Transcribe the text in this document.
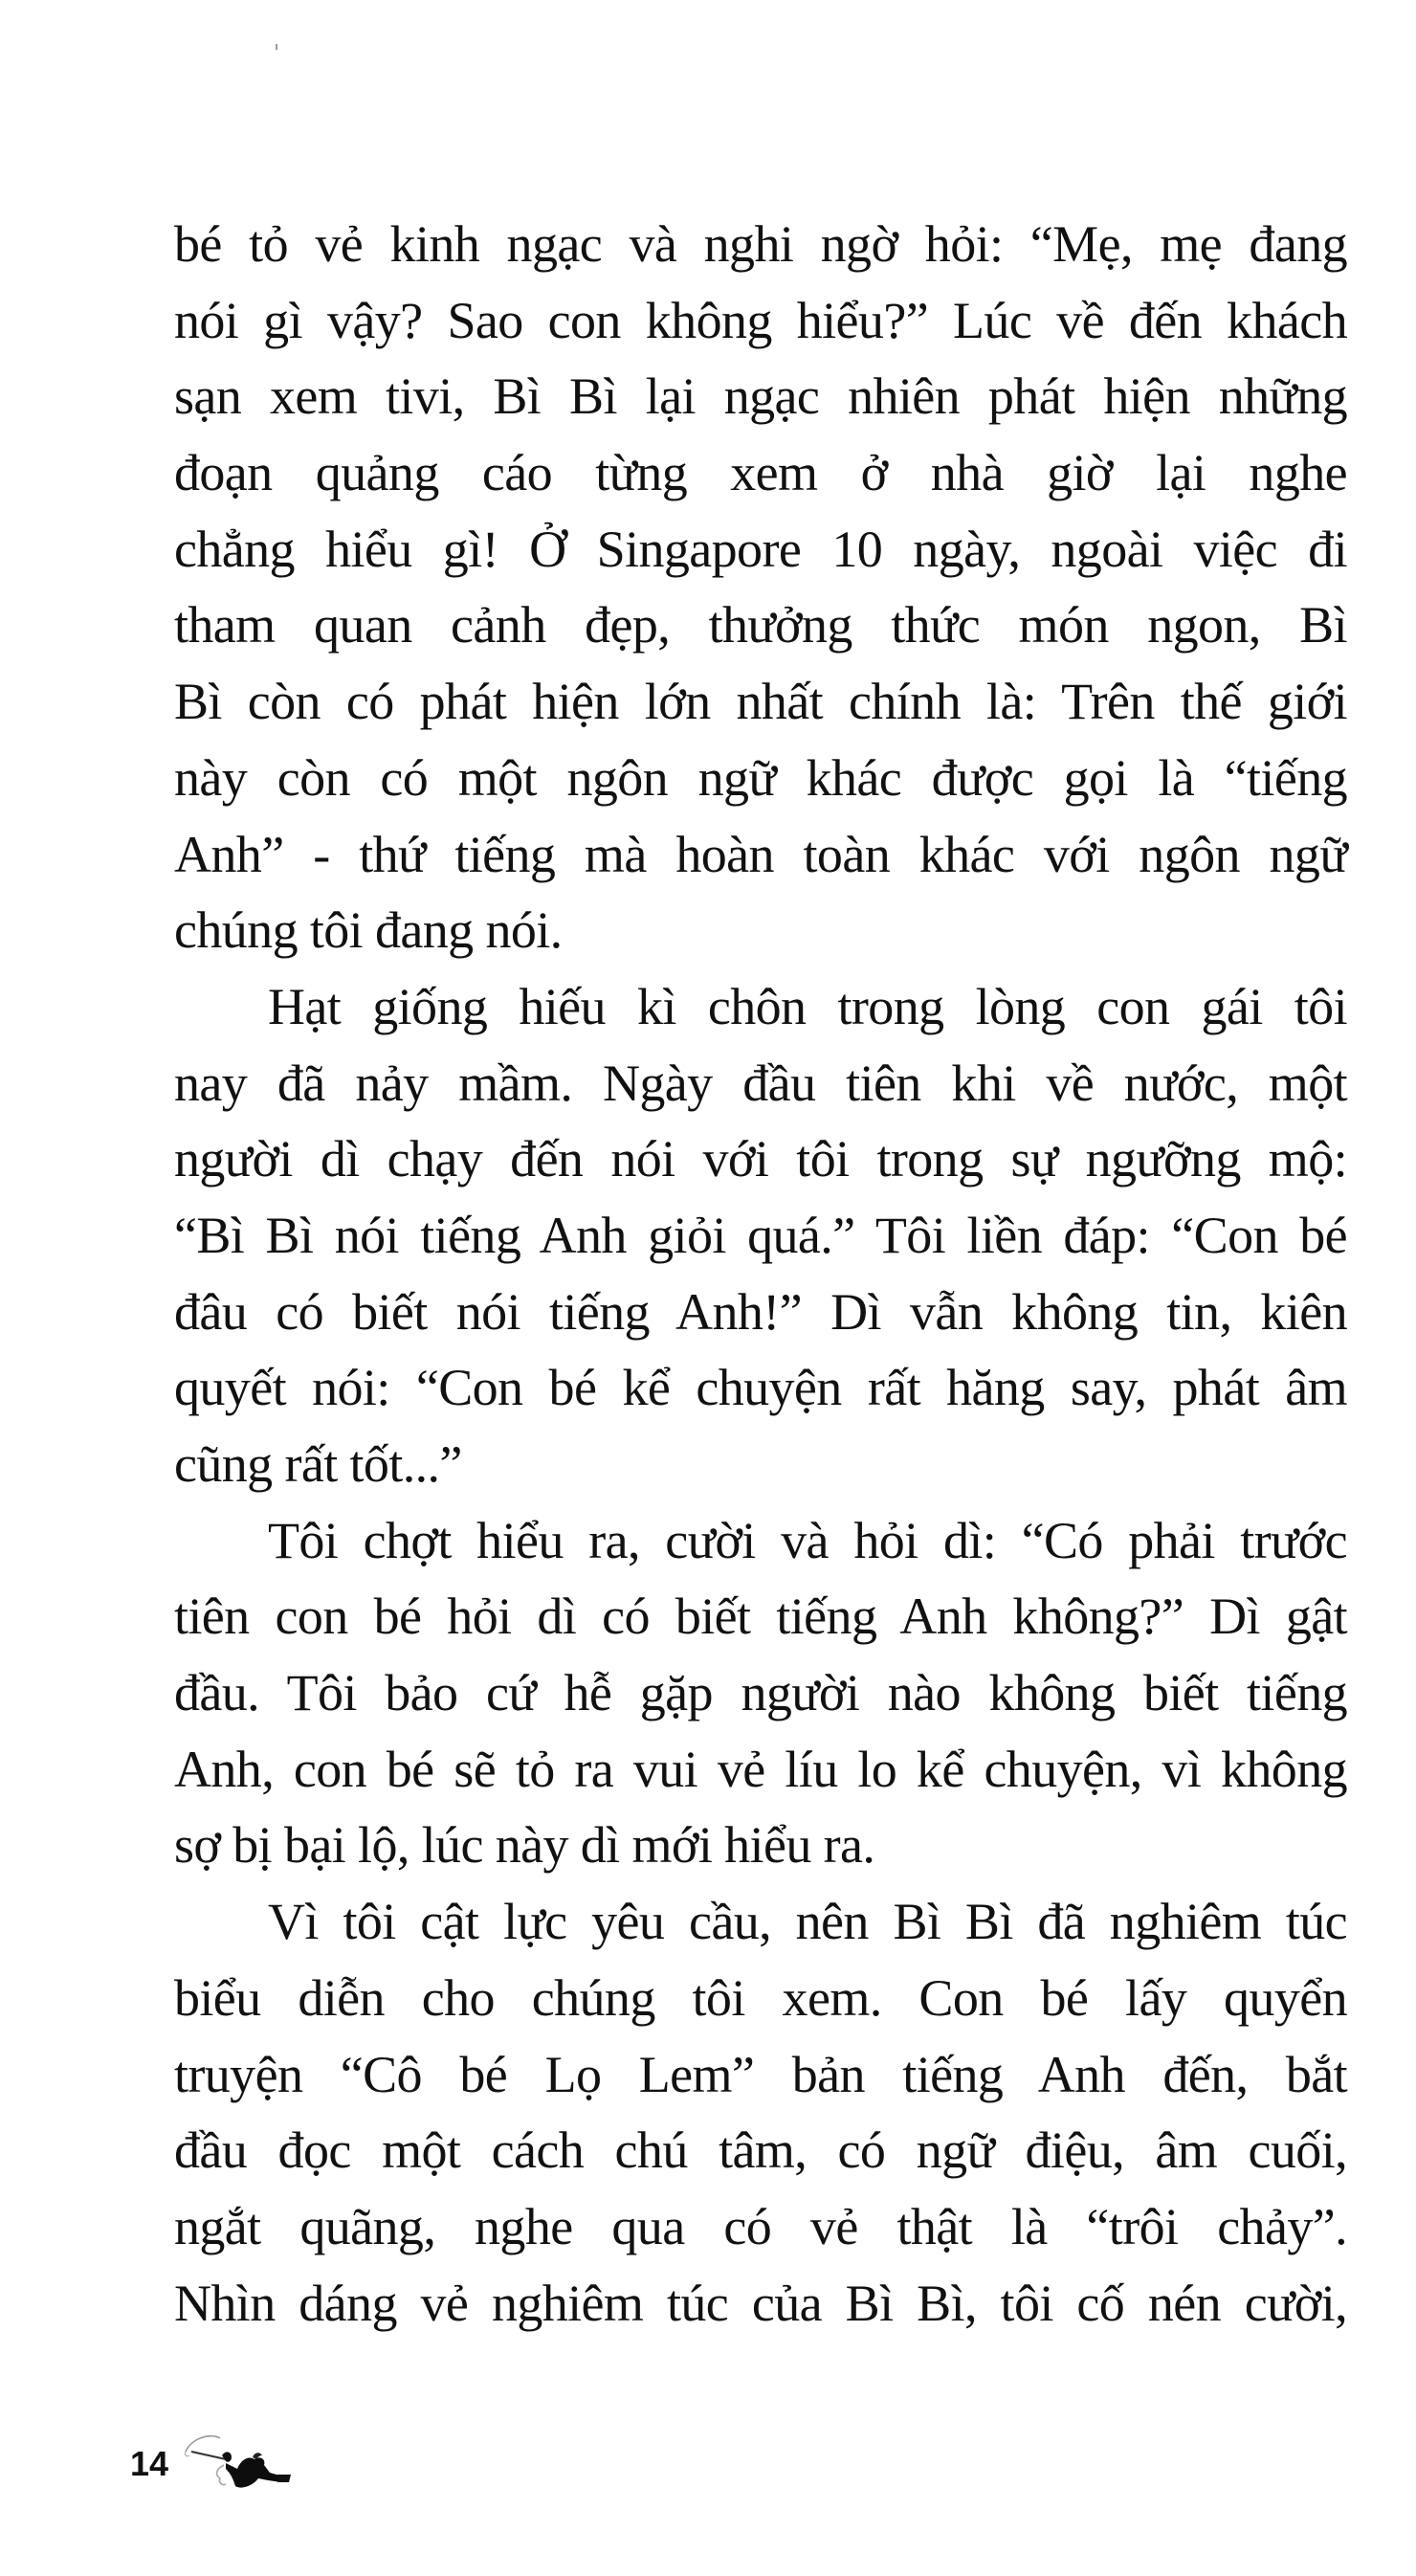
bé tỏ vẻ kinh ngạc và nghi ngờ hỏi: “Mẹ, mẹ đang
nói gì vậy? Sao con không hiểu?” Lúc về đến khách
sạn xem tivi, Bì Bì lại ngạc nhiên phát hiện những
đoạn quảng cáo từng xem ở nhà giờ lại nghe
chẳng hiểu gì! Ở Singapore 10 ngày, ngoài việc đi
tham quan cảnh đẹp, thưởng thức món ngon, Bì
Bì còn có phát hiện lớn nhất chính là: Trên thế giới
này còn có một ngôn ngữ khác được gọi là “tiếng
Anh” - thứ tiếng mà hoàn toàn khác với ngôn ngữ
chúng tôi đang nói.
Hạt giống hiếu kì chôn trong lòng con gái tôi
nay đã nảy mầm. Ngày đầu tiên khi về nước, một
người dì chạy đến nói với tôi trong sự ngưỡng mộ:
“Bì Bì nói tiếng Anh giỏi quá.” Tôi liền đáp: “Con bé
đâu có biết nói tiếng Anh!” Dì vẫn không tin, kiên
quyết nói: “Con bé kể chuyện rất hăng say, phát âm
cũng rất tốt...”
Tôi chợt hiểu ra, cười và hỏi dì: “Có phải trước
tiên con bé hỏi dì có biết tiếng Anh không?” Dì gật
đầu. Tôi bảo cứ hễ gặp người nào không biết tiếng
Anh, con bé sẽ tỏ ra vui vẻ líu lo kể chuyện, vì không
sợ bị bại lộ, lúc này dì mới hiểu ra.
Vì tôi cật lực yêu cầu, nên Bì Bì đã nghiêm túc
biểu diễn cho chúng tôi xem. Con bé lấy quyển
truyện “Cô bé Lọ Lem” bản tiếng Anh đến, bắt
đầu đọc một cách chú tâm, có ngữ điệu, âm cuối,
ngắt quãng, nghe qua có vẻ thật là “trôi chảy”.
Nhìn dáng vẻ nghiêm túc của Bì Bì, tôi cố nén cười,
14
